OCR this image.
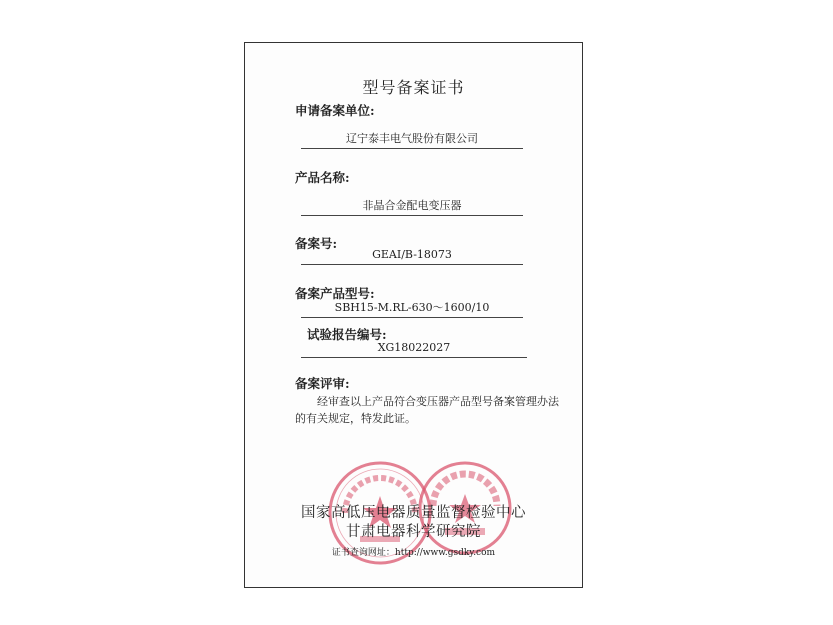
型号备案证书
申请备案单位:
辽宁泰丰电气股份有限公司
产品名称:
非晶合金配电变压器
备案号:
GEAI/B-18073
备案产品型号:
SBH15-M.RL-630～1600/10
试验报告编号:
XG18022027
备案评审:
经审查以上产品符合变压器产品型号备案管理办法
的有关规定，特发此证。
国家高低压电器质量监督检验中心
甘肃电器科学研究院
证书查询网址：http://www.gsdky.com
